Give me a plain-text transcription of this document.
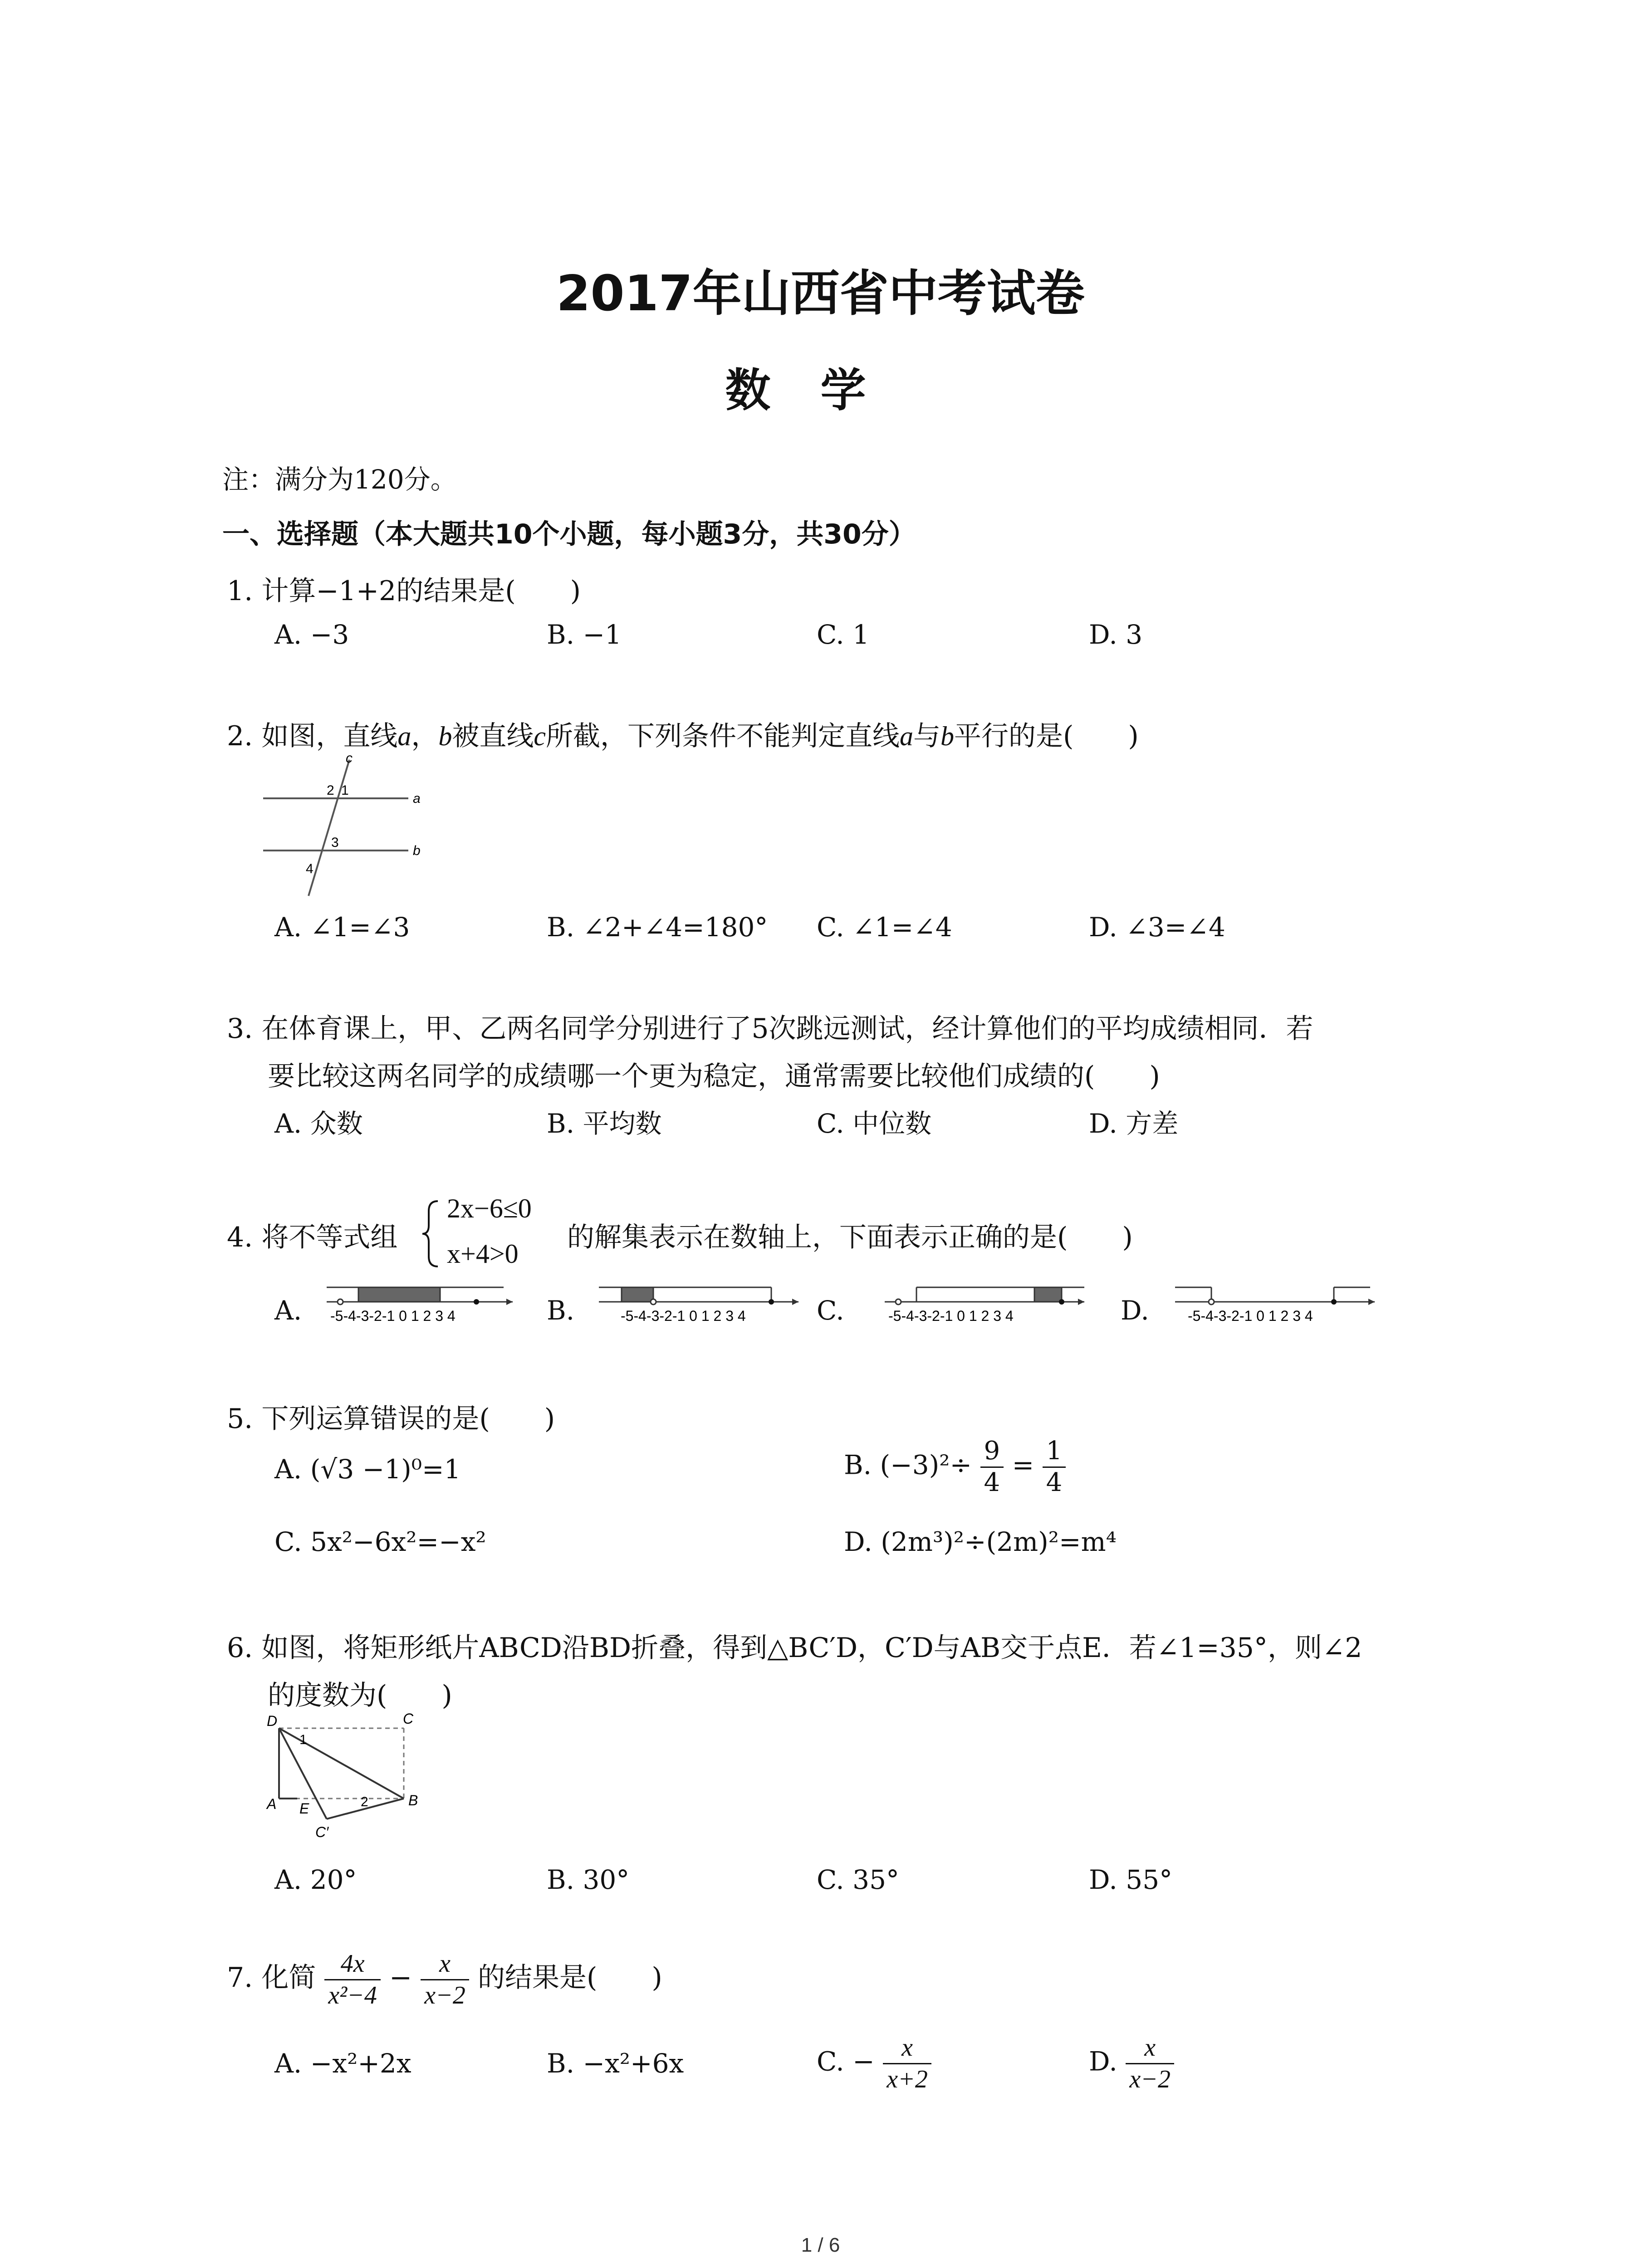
2017年山西省中考试卷
数学
注：满分为120分。
一、选择题（本大题共10个小题，每小题3分，共30分）
1. 计算−1+2的结果是(　　)
A. −3	B. −1	C. 1	D. 3
2. 如图，直线a，b被直线c所截，下列条件不能判定直线a与b平行的是(　　)
c
a
b
2 1
3
4
A. ∠1=∠3	B. ∠2+∠4=180° C. ∠1=∠4	D. ∠3=∠4
3. 在体育课上，甲、乙两名同学分别进行了5次跳远测试，经计算他们的平均成绩相同．若
要比较这两名同学的成绩哪一个更为稳定，通常需要比较他们成绩的(　　)
A. 众数	B. 平均数	C. 中位数	D. 方差
4. 将不等式组
2x−6≤0
x+4>0
的解集表示在数轴上，下面表示正确的是(　　)
A. -5-4-3-2-1 0 1 2 3 4	B.	-5-4-3-2-1 0 1 2 3 4	C.	-5-4-3-2-1 0 1 2 3 4	D.	-5-4-3-2-1 0 1 2 3 4
5. 下列运算错误的是(　　)
A. (√3 −1)⁰=1	B. $(-3)^2\div \frac{9}{4} = \frac{1}{4}$
C. 5x²−6x²=−x²	D. (2m³)²÷(2m)²=m⁴
6. 如图，将矩形纸片ABCD沿BD折叠，得到△BC′D，C′D与AB交于点E．若∠1=35°，则∠2
的度数为(　　)
D	C
A E	B
C′
1
2
A. 20°	B. 30°	C. 35°	D. 55°
7. 化简 $\frac{4x}{\text{x²−4}} - \frac{x}{x-2}$ 的结果是(　　)
A. −x²+2x	B. −x²+6x	C. − $\frac{x}{x+2}$	D. $\frac{x}{x-2}$
1 / 6
